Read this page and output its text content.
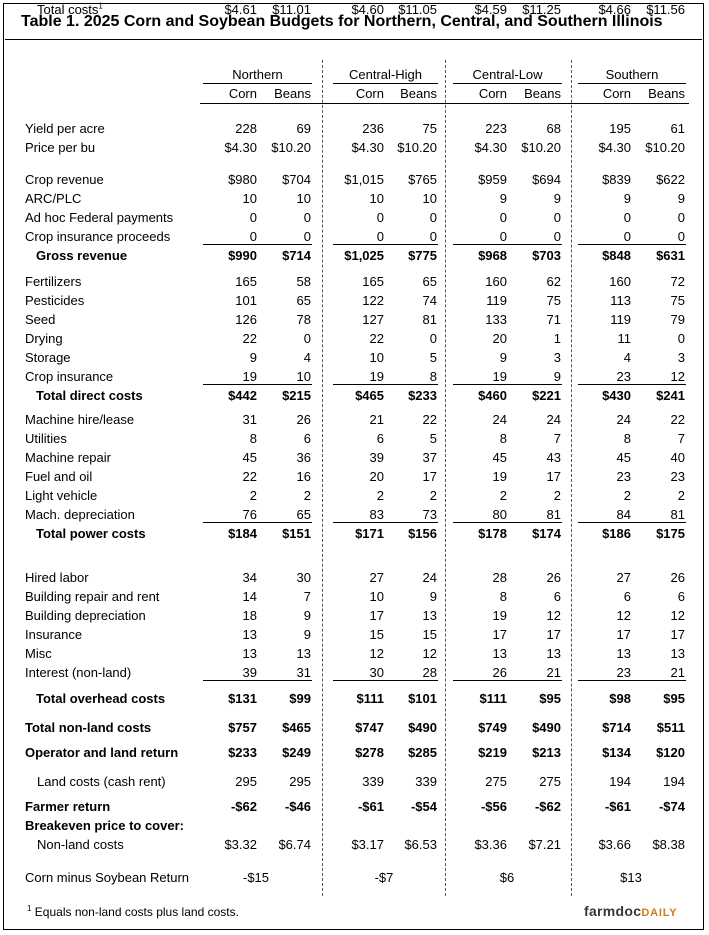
Table 1. 2025 Corn and Soybean Budgets for Northern, Central, and Southern Illinois
Northern
Corn	Beans
Central-High
Corn	Beans
Central-Low
Corn	Beans
Southern
Corn	Beans
Yield per acre	228	69	236	75	223	68	195	61
Price per bu	$4.30	$10.20	$4.30	$10.20	$4.30	$10.20	$4.30	$10.20
Crop revenue	$980	$704	$1,015	$765	$959	$694	$839	$622
ARC/PLC	10	10	10	10	9	9	9	9
Ad hoc Federal payments	0	0	0	0	0	0	0	0
Crop insurance proceeds	0	0	0	0	0	0	0	0
Gross revenue	$990	$714	$1,025	$775	$968	$703	$848	$631
Fertilizers	165	58	165	65	160	62	160	72
Pesticides	101	65	122	74	119	75	113	75
Seed	126	78	127	81	133	71	119	79
Drying	22	0	22	0	20	1	11	0
Storage	9	4	10	5	9	3	4	3
Crop insurance	19	10	19	8	19	9	23	12
Total direct costs	$442	$215	$465	$233	$460	$221	$430	$241
Machine hire/lease	31	26	21	22	24	24	24	22
Utilities	8	6	6	5	8	7	8	7
Machine repair	45	36	39	37	45	43	45	40
Fuel and oil	22	16	20	17	19	17	23	23
Light vehicle	2	2	2	2	2	2	2	2
Mach. depreciation	76	65	83	73	80	81	84	81
Total power costs	$184	$151	$171	$156	$178	$174	$186	$175
Hired labor	34	30	27	24	28	26	27	26
Building repair and rent	14	7	10	9	8	6	6	6
Building depreciation	18	9	17	13	19	12	12	12
Insurance	13	9	15	15	17	17	17	17
Misc	13	13	12	12	13	13	13	13
Interest (non-land)	39	31	30	28	26	21	23	21
Total overhead costs	$131	$99	$111	$101	$111	$95	$98	$95
Total non-land costs	$757	$465	$747	$490	$749	$490	$714	$511
Operator and land return	$233	$249	$278	$285	$219	$213	$134	$120
Land costs (cash rent)	295	295	339	339	275	275	194	194
Farmer return	-$62	-$46	-$61	-$54	-$56	-$62	-$61	-$74
Breakeven price to cover:
Non-land costs	$3.32	$6.74	$3.17	$6.53	$3.36	$7.21	$3.66	$8.38
Total costs$^1$	$4.61	$11.01	$4.60	$11.05	$4.59	$11.25	$4.66	$11.56
Corn minus Soybean Return	-$15	-$7	$6	$13
$^1$ Equals non-land costs plus land costs.	farmdocDAILY
